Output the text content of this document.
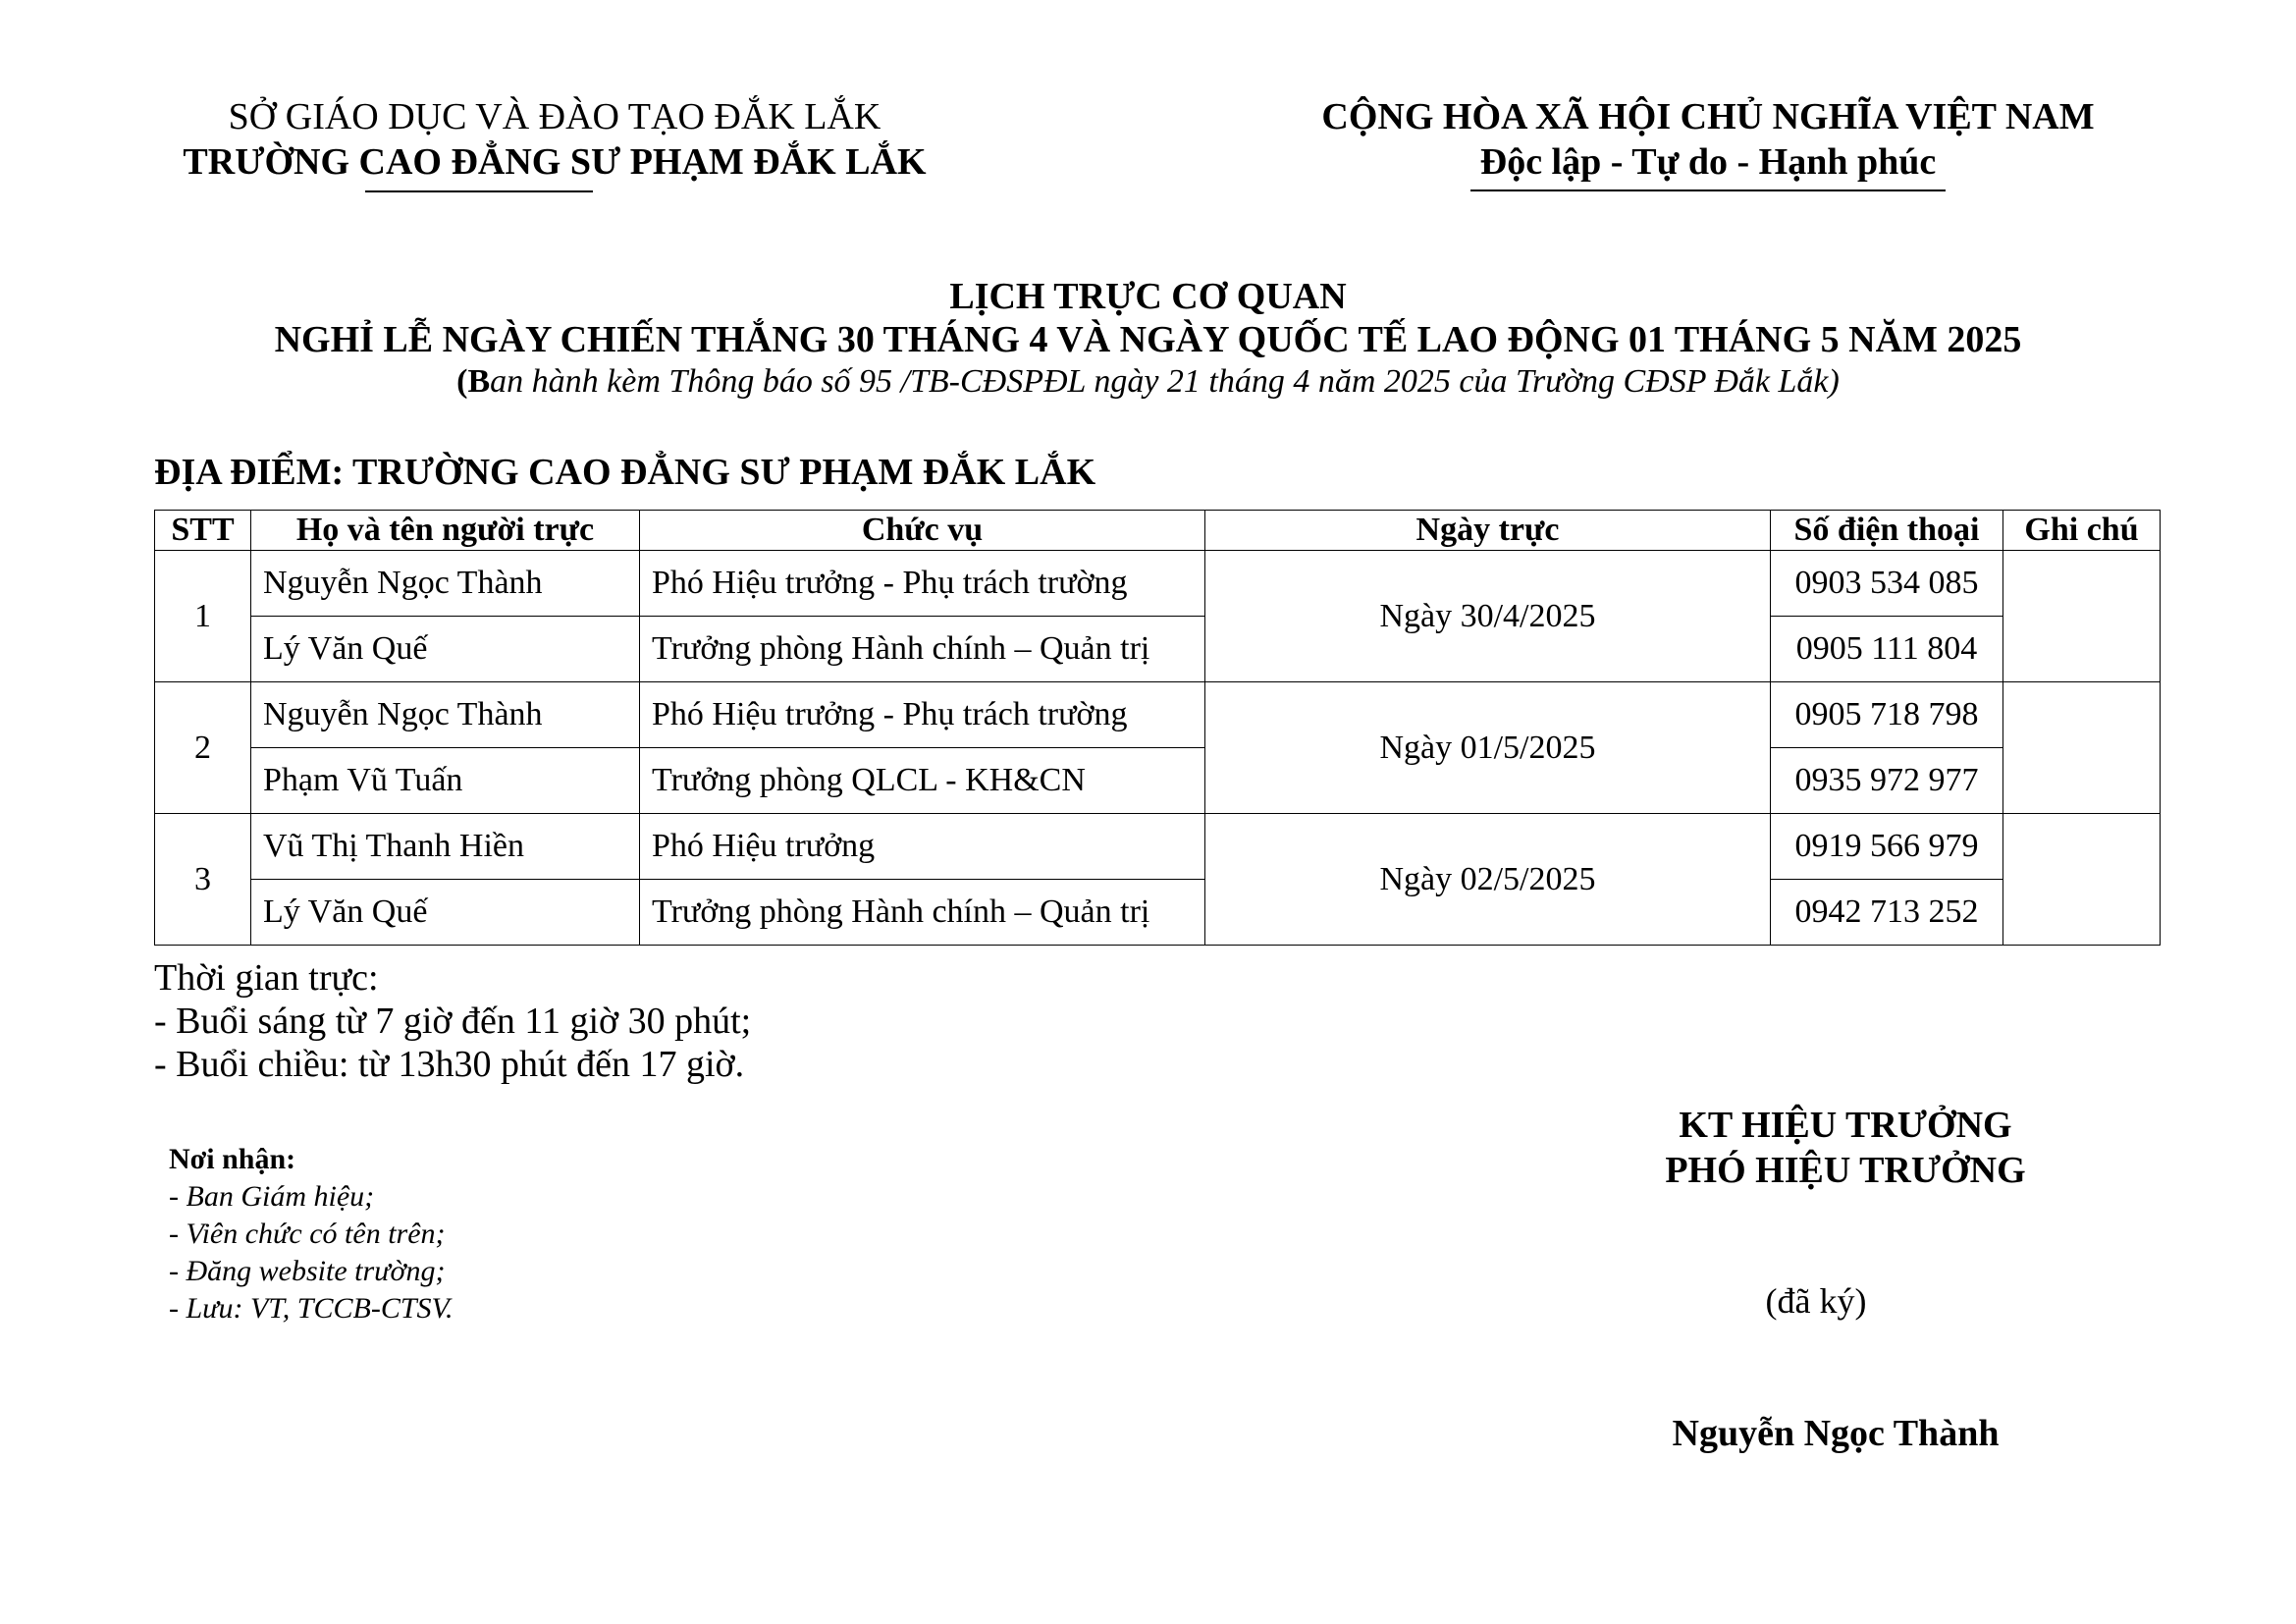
SỞ GIÁO DỤC VÀ ĐÀO TẠO ĐẮK LẮK
TRƯỜNG CAO ĐẲNG SƯ PHẠM ĐẮK LẮK
CỘNG HÒA XÃ HỘI CHỦ NGHĨA VIỆT NAM
Độc lập - Tự do - Hạnh phúc
LỊCH TRỰC CƠ QUAN
NGHỈ LỄ NGÀY CHIẾN THẮNG 30 THÁNG 4 VÀ NGÀY QUỐC TẾ LAO ĐỘNG 01 THÁNG 5 NĂM 2025
(Ban hành kèm Thông báo số 95 /TB-CĐSPĐL ngày 21 tháng 4 năm 2025 của Trường CĐSP Đắk Lắk)
ĐỊA ĐIỂM: TRƯỜNG CAO ĐẲNG SƯ PHẠM ĐẮK LẮK
STT	Họ và tên người trực	Chức vụ	Ngày trực	Số điện thoại	Ghi chú
1	Nguyễn Ngọc Thành	Phó Hiệu trưởng - Phụ trách trường	Ngày 30/4/2025	0903 534 085	
	Lý Văn Quế	Trưởng phòng Hành chính – Quản trị		0905 111 804	
2	Nguyễn Ngọc Thành	Phó Hiệu trưởng - Phụ trách trường	Ngày 01/5/2025	0905 718 798	
	Phạm Vũ Tuấn	Trưởng phòng QLCL - KH&CN		0935 972 977	
3	Vũ Thị Thanh Hiền	Phó Hiệu trưởng	Ngày 02/5/2025	0919 566 979	
	Lý Văn Quế	Trưởng phòng Hành chính – Quản trị		0942 713 252	
Thời gian trực:
- Buổi sáng từ 7 giờ đến 11 giờ 30 phút;
- Buổi chiều: từ 13h30 phút đến 17 giờ.
Nơi nhận:
- Ban Giám hiệu;
- Viên chức có tên trên;
- Đăng website trường;
- Lưu: VT, TCCB-CTSV.
KT HIỆU TRƯỞNG
PHÓ HIỆU TRƯỞNG
(đã ký)
Nguyễn Ngọc Thành
